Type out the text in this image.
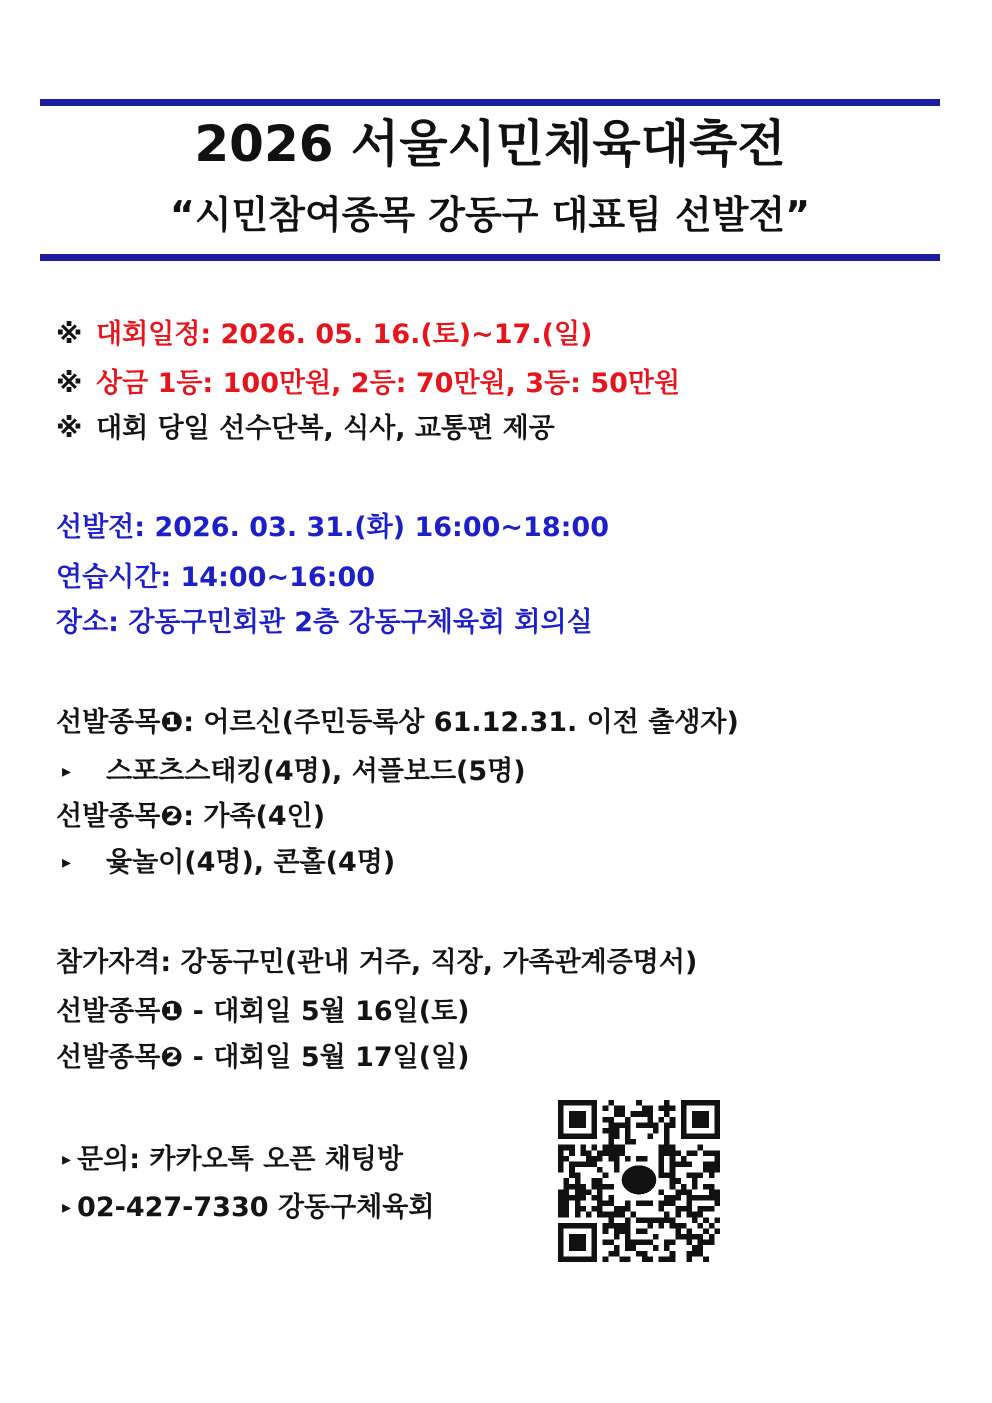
2026 서울시민체육대축전
“시민참여종목 강동구 대표팀 선발전”
※ 대회일정: 2026. 05. 16.(토)~17.(일)
※ 상금 1등: 100만원, 2등: 70만원, 3등: 50만원
※ 대회 당일 선수단복, 식사, 교통편 제공
선발전: 2026. 03. 31.(화) 16:00~18:00
연습시간: 14:00~16:00
장소: 강동구민회관 2층 강동구체육회 회의실
선발종목❶: 어르신(주민등록상 61.12.31. 이전 출생자)
▸ 스포츠스태킹(4명), 셔플보드(5명)
선발종목❷: 가족(4인)
▸ 윷놀이(4명), 콘홀(4명)
참가자격: 강동구민(관내 거주, 직장, 가족관계증명서)
선발종목❶ - 대회일 5월 16일(토)
선발종목❷ - 대회일 5월 17일(일)
▸ 문의: 카카오톡 오픈 채팅방
▸ 02-427-7330 강동구체육회
